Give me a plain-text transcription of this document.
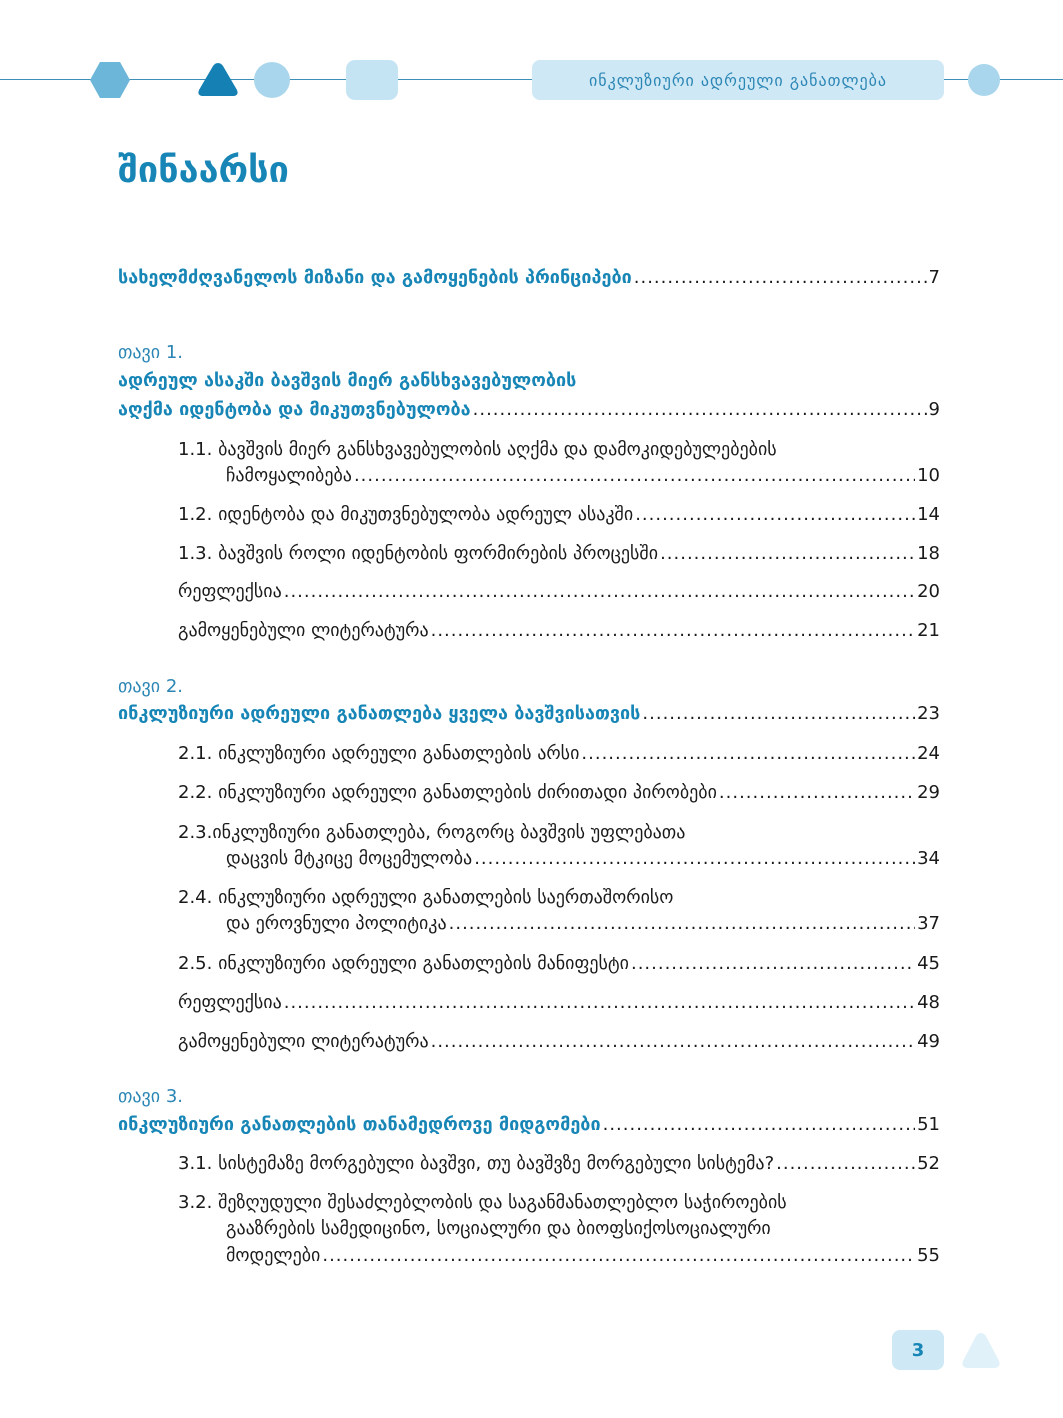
ინკლუზიური ადრეული განათლება
შინაარსი
სახელმძღვანელოს მიზანი და გამოყენების პრინციპები .....	7
თავი 1.
ადრეულ ასაკში ბავშვის მიერ განსხვავებულობის
აღქმა იდენტობა და მიკუთვნებულობა .....	9
1.1. ბავშვის მიერ განსხვავებულობის აღქმა და დამოკიდებულებების
ჩამოყალიბება .....	10
1.2. იდენტობა და მიკუთვნებულობა ადრეულ ასაკში .....	14
1.3. ბავშვის როლი იდენტობის ფორმირების პროცესში .....	18
რეფლექსია .....	20
გამოყენებული ლიტერატურა .....	21
თავი 2.
ინკლუზიური ადრეული განათლება ყველა ბავშვისათვის .....	23
2.1. ინკლუზიური ადრეული განათლების არსი .....	24
2.2. ინკლუზიური ადრეული განათლების ძირითადი პირობები .....	29
2.3.ინკლუზიური განათლება, როგორც ბავშვის უფლებათა
დაცვის მტკიცე მოცემულობა .....	34
2.4. ინკლუზიური ადრეული განათლების საერთაშორისო
და ეროვნული პოლიტიკა .....	37
2.5. ინკლუზიური ადრეული განათლების მანიფესტი .....	45
რეფლექსია .....	48
გამოყენებული ლიტერატურა .....	49
თავი 3.
ინკლუზიური განათლების თანამედროვე მიდგომები .....	51
3.1. სისტემაზე მორგებული ბავშვი, თუ ბავშვზე მორგებული სისტემა? .....	52
3.2. შეზღუდული შესაძლებლობის და საგანმანათლებლო საჭიროების
გააზრების სამედიცინო, სოციალური და ბიოფსიქოსოციალური
მოდელები .....	55
3
